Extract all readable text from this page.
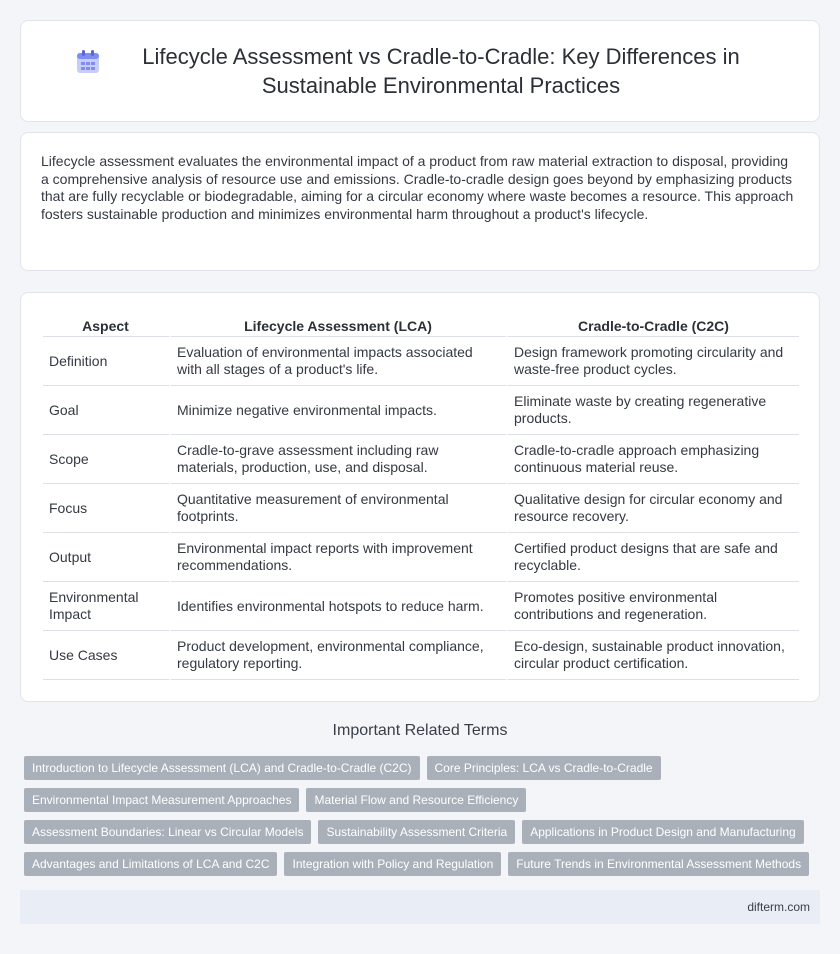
Lifecycle Assessment vs Cradle-to-Cradle: Key Differences in Sustainable Environmental Practices

Lifecycle assessment evaluates the environmental impact of a product from raw material extraction to disposal, providing a comprehensive analysis of resource use and emissions. Cradle-to-cradle design goes beyond by emphasizing products that are fully recyclable or biodegradable, aiming for a circular economy where waste becomes a resource. This approach fosters sustainable production and minimizes environmental harm throughout a product's lifecycle.

Aspect	Lifecycle Assessment (LCA)	Cradle-to-Cradle (C2C)
Definition	Evaluation of environmental impacts associated with all stages of a product's life.	Design framework promoting circularity and waste-free product cycles.
Goal	Minimize negative environmental impacts.	Eliminate waste by creating regenerative products.
Scope	Cradle-to-grave assessment including raw materials, production, use, and disposal.	Cradle-to-cradle approach emphasizing continuous material reuse.
Focus	Quantitative measurement of environmental footprints.	Qualitative design for circular economy and resource recovery.
Output	Environmental impact reports with improvement recommendations.	Certified product designs that are safe and recyclable.
Environmental Impact	Identifies environmental hotspots to reduce harm.	Promotes positive environmental contributions and regeneration.
Use Cases	Product development, environmental compliance, regulatory reporting.	Eco-design, sustainable product innovation, circular product certification.
Important Related Terms
Introduction to Lifecycle Assessment (LCA) and Cradle-to-Cradle (C2C)	Core Principles: LCA vs Cradle-to-Cradle
Environmental Impact Measurement Approaches	Material Flow and Resource Efficiency
Assessment Boundaries: Linear vs Circular Models	Sustainability Assessment Criteria	Applications in Product Design and Manufacturing
Advantages and Limitations of LCA and C2C	Integration with Policy and Regulation	Future Trends in Environmental Assessment Methods
difterm.com
